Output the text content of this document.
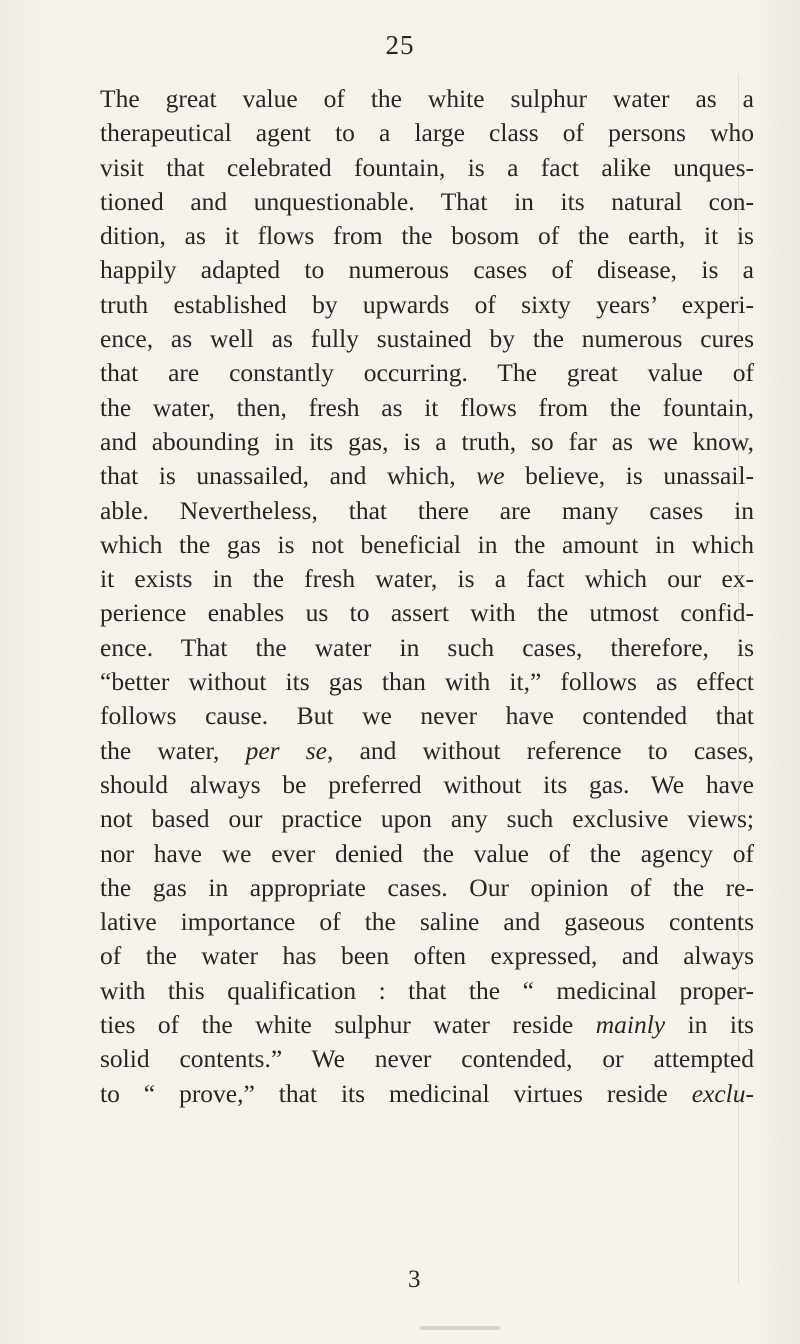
25
The great value of the white sulphur water as a
therapeutical agent to a large class of persons who
visit that celebrated fountain, is a fact alike unques-
tioned and unquestionable. That in its natural con-
dition, as it flows from the bosom of the earth, it is
happily adapted to numerous cases of disease, is a
truth established by upwards of sixty years’ experi-
ence, as well as fully sustained by the numerous cures
that are constantly occurring. The great value of
the water, then, fresh as it flows from the fountain,
and abounding in its gas, is a truth, so far as we know,
that is unassailed, and which, we believe, is unassail-
able. Nevertheless, that there are many cases in
which the gas is not beneficial in the amount in which
it exists in the fresh water, is a fact which our ex-
perience enables us to assert with the utmost confid-
ence. That the water in such cases, therefore, is
“better without its gas than with it,” follows as effect
follows cause. But we never have contended that
the water, per se, and without reference to cases,
should always be preferred without its gas. We have
not based our practice upon any such exclusive views;
nor have we ever denied the value of the agency of
the gas in appropriate cases. Our opinion of the re-
lative importance of the saline and gaseous contents
of the water has been often expressed, and always
with this qualification : that the “ medicinal proper-
ties of the white sulphur water reside mainly in its
solid contents.” We never contended, or attempted
to “ prove,” that its medicinal virtues reside exclu-
3
